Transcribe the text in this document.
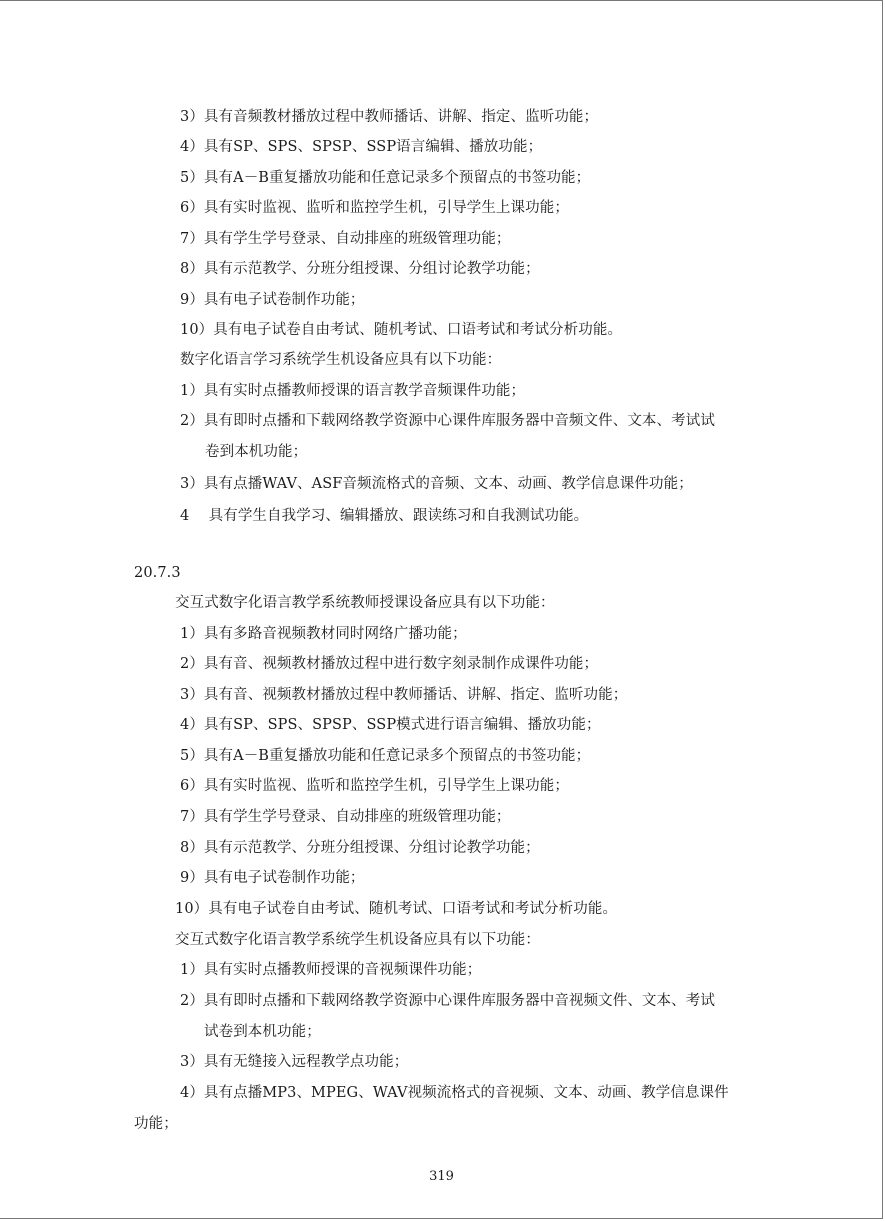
3）具有音频教材播放过程中教师播话、讲解、指定、监听功能；
4）具有SP、SPS、SPSP、SSP语言编辑、播放功能；
5）具有A－B重复播放功能和任意记录多个预留点的书签功能；
6）具有实时监视、监听和监控学生机，引导学生上课功能；
7）具有学生学号登录、自动排座的班级管理功能；
8）具有示范教学、分班分组授课、分组讨论教学功能；
9）具有电子试卷制作功能；
10）具有电子试卷自由考试、随机考试、口语考试和考试分析功能。
数字化语言学习系统学生机设备应具有以下功能：
1）具有实时点播教师授课的语言教学音频课件功能；
2）具有即时点播和下载网络教学资源中心课件库服务器中音频文件、文本、考试试
卷到本机功能；
3）具有点播WAV、ASF音频流格式的音频、文本、动画、教学信息课件功能；
4　 具有学生自我学习、编辑播放、跟读练习和自我测试功能。
20.7.3
交互式数字化语言教学系统教师授课设备应具有以下功能：
1）具有多路音视频教材同时网络广播功能；
2）具有音、视频教材播放过程中进行数字刻录制作成课件功能；
3）具有音、视频教材播放过程中教师播话、讲解、指定、监听功能；
4）具有SP、SPS、SPSP、SSP模式进行语言编辑、播放功能；
5）具有A－B重复播放功能和任意记录多个预留点的书签功能；
6）具有实时监视、监听和监控学生机，引导学生上课功能；
7）具有学生学号登录、自动排座的班级管理功能；
8）具有示范教学、分班分组授课、分组讨论教学功能；
9）具有电子试卷制作功能；
10）具有电子试卷自由考试、随机考试、口语考试和考试分析功能。
交互式数字化语言教学系统学生机设备应具有以下功能：
1）具有实时点播教师授课的音视频课件功能；
2）具有即时点播和下载网络教学资源中心课件库服务器中音视频文件、文本、考试
试卷到本机功能；
3）具有无缝接入远程教学点功能；
4）具有点播MP3、MPEG、WAV视频流格式的音视频、文本、动画、教学信息课件
功能；
319
